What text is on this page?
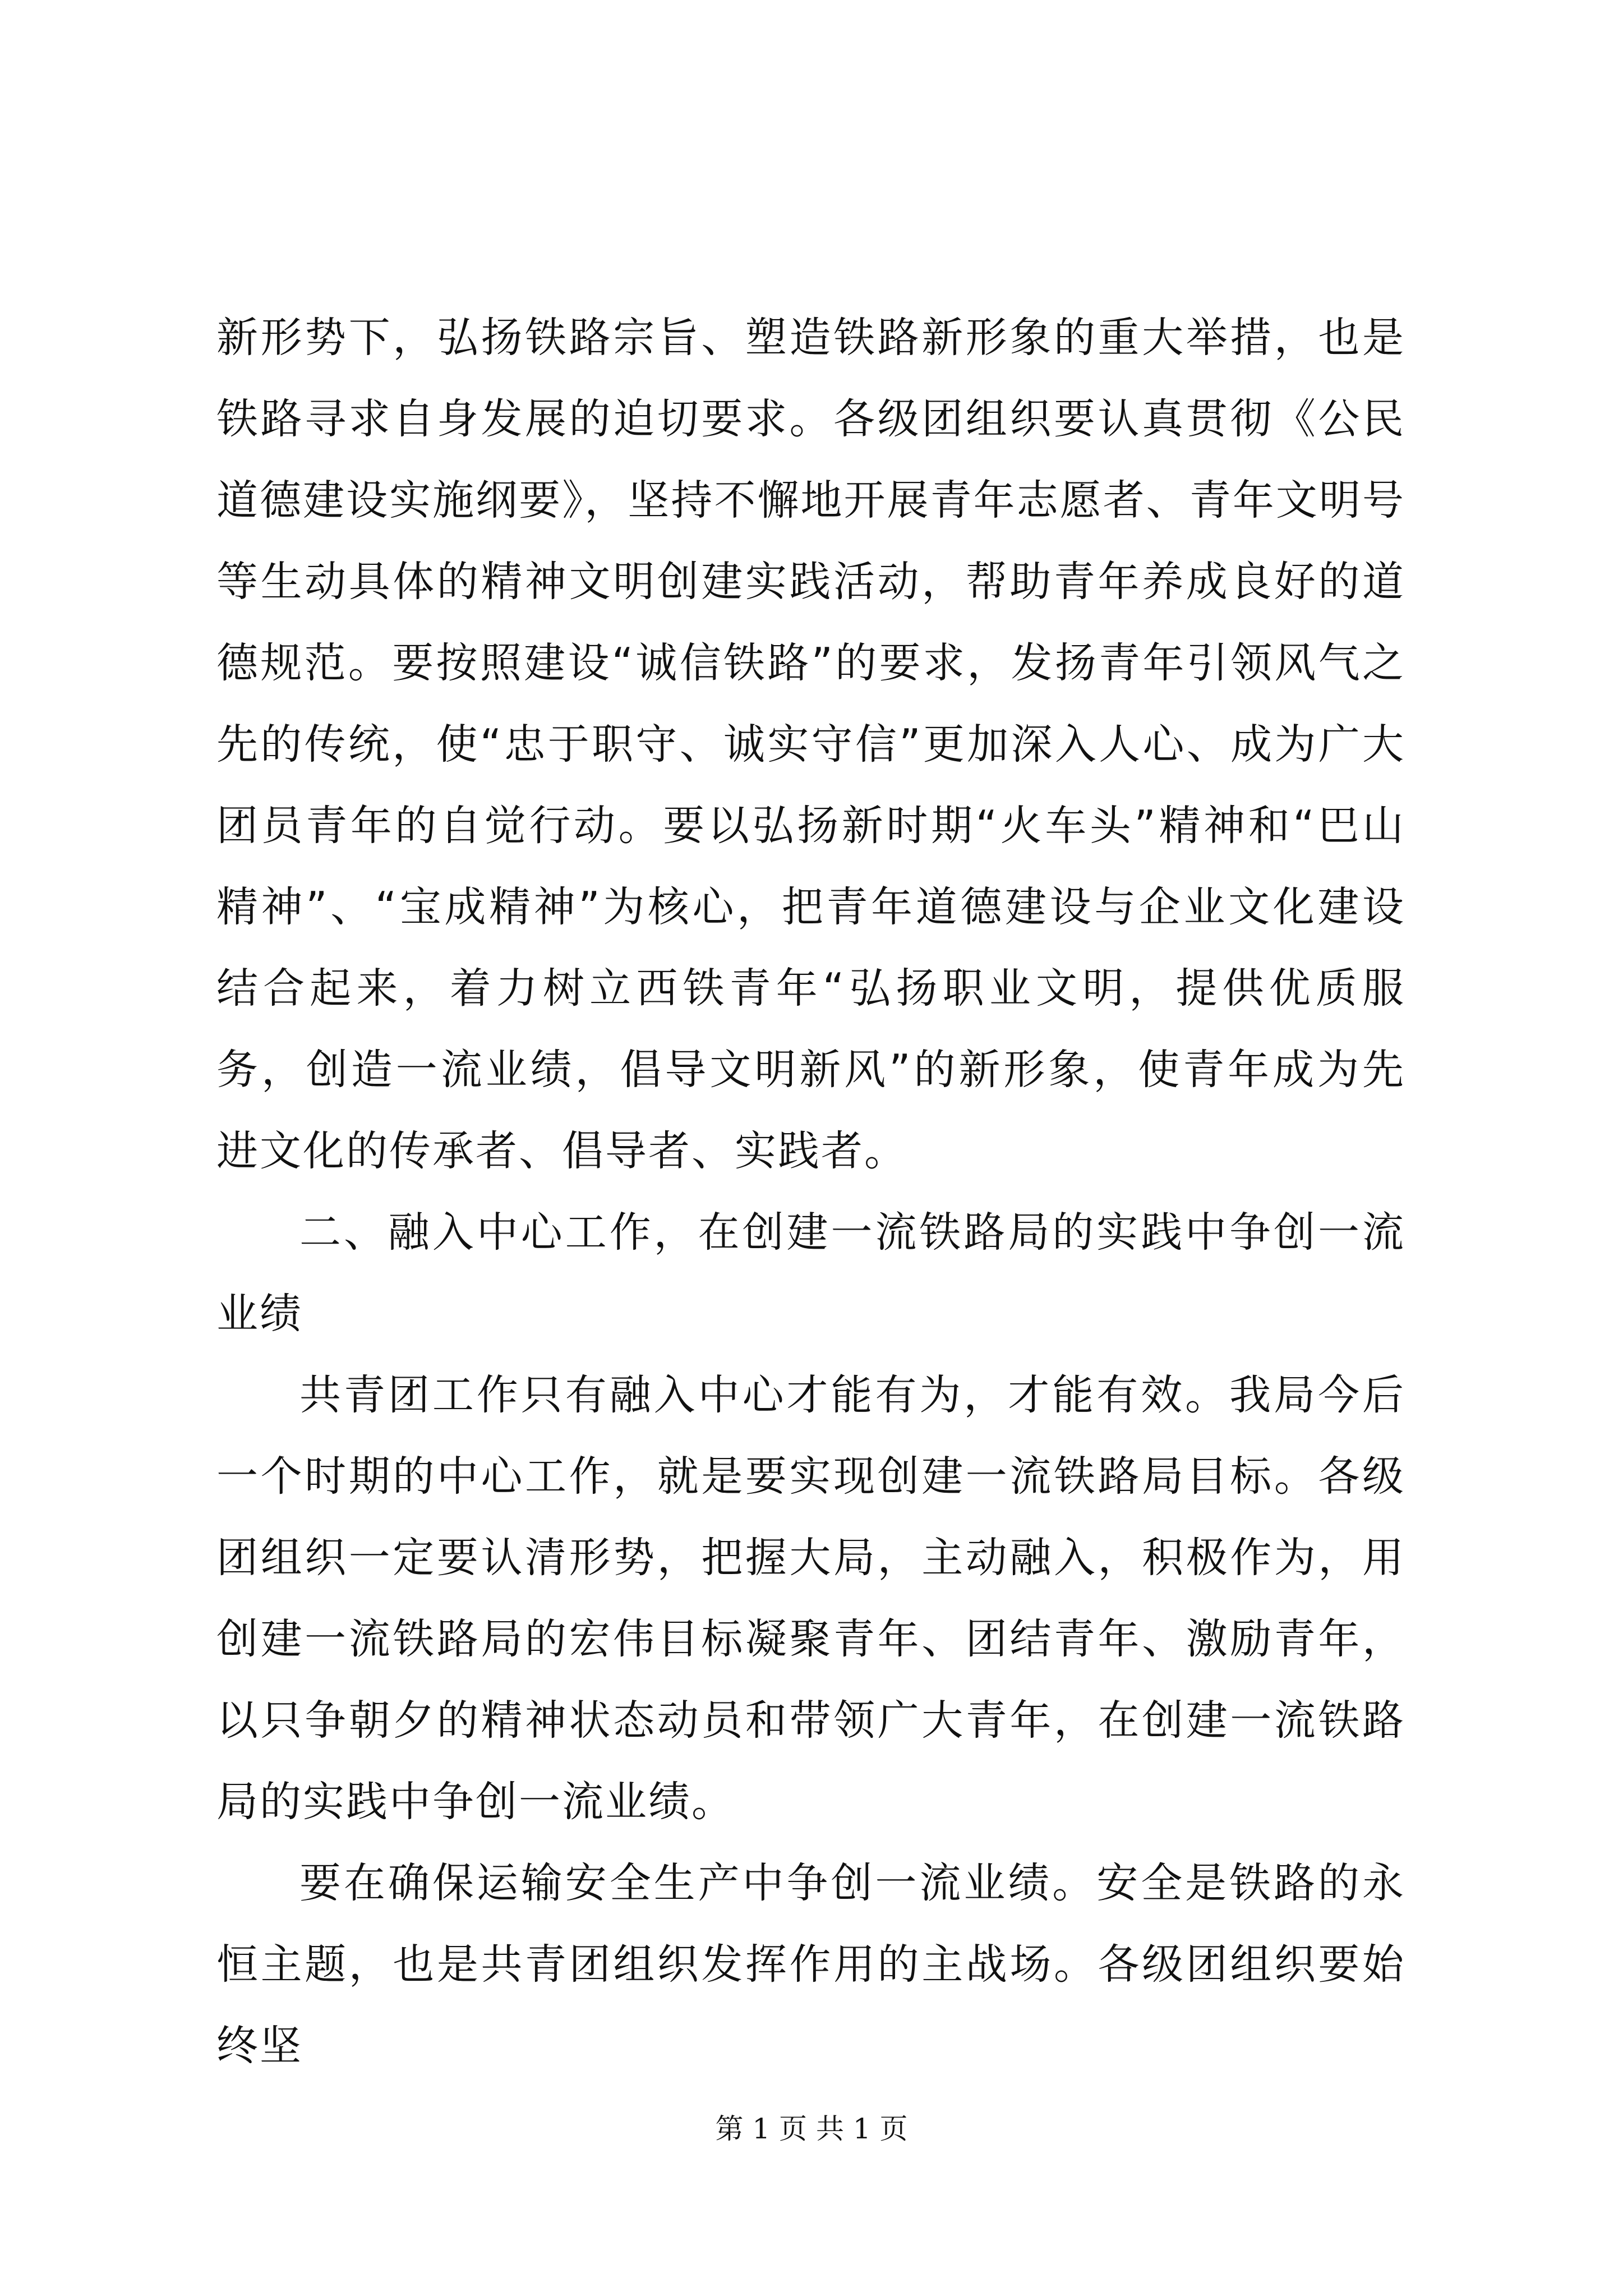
新形势下，弘扬铁路宗旨、塑造铁路新形象的重大举措，也是铁路寻求自身发展的迫切要求。各级团组织要认真贯彻《公民道德建设实施纲要》，坚持不懈地开展青年志愿者、青年文明号等生动具体的精神文明创建实践活动，帮助青年养成良好的道德规范。要按照建设“诚信铁路”的要求，发扬青年引领风气之先的传统，使“忠于职守、诚实守信”更加深入人心、成为广大团员青年的自觉行动。要以弘扬新时期“火车头”精神和“巴山精神”、“宝成精神”为核心，把青年道德建设与企业文化建设结合起来，着力树立西铁青年“弘扬职业文明，提供优质服务，创造一流业绩，倡导文明新风”的新形象，使青年成为先进文化的传承者、倡导者、实践者。

二、融入中心工作，在创建一流铁路局的实践中争创一流业绩

共青团工作只有融入中心才能有为，才能有效。我局今后一个时期的中心工作，就是要实现创建一流铁路局目标。各级团组织一定要认清形势，把握大局，主动融入，积极作为，用创建一流铁路局的宏伟目标凝聚青年、团结青年、激励青年，以只争朝夕的精神状态动员和带领广大青年，在创建一流铁路局的实践中争创一流业绩。

要在确保运输安全生产中争创一流业绩。安全是铁路的永恒主题，也是共青团组织发挥作用的主战场。各级团组织要始终坚

第 1 页 共 1 页
